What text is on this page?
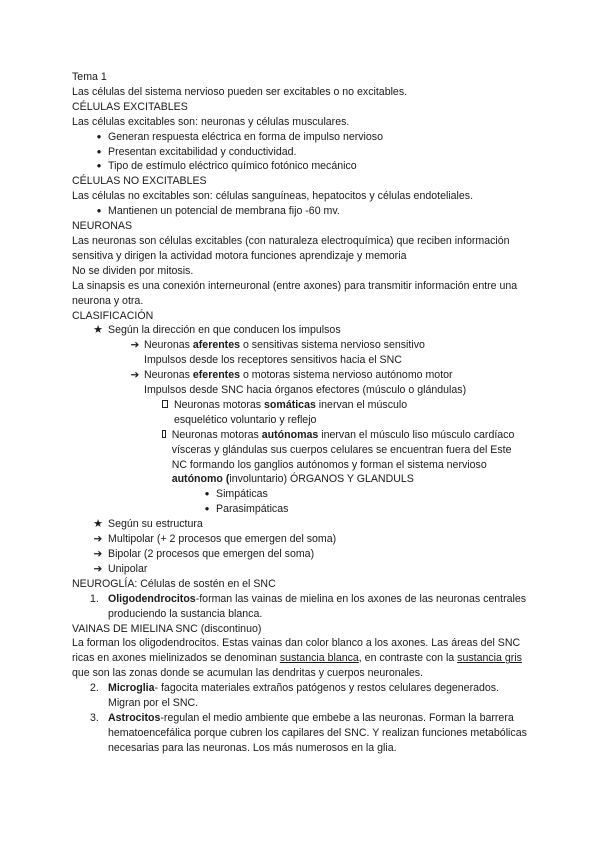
Tema 1
Las células del sistema nervioso pueden ser excitables o no excitables.
CÉLULAS EXCITABLES
Las células excitables son: neuronas y células musculares.
● Generan respuesta eléctrica en forma de impulso nervioso
● Presentan excitabilidad y conductividad.
● Tipo de estímulo eléctrico químico fotónico mecánico
CÉLULAS NO EXCITABLES
Las células no excitables son: células sanguíneas, hepatocitos y células endoteliales.
● Mantienen un potencial de membrana fijo -60 mv.
NEURONAS
Las neuronas son células excitables (con naturaleza electroquímica) que reciben información sensitiva y dirigen la actividad motora funciones aprendizaje y memoria
No se dividen por mitosis.
La sinapsis es una conexión interneuronal (entre axones) para transmitir información entre una neurona y otra.
CLASIFICACIÓN
★ Según la dirección en que conducen los impulsos
➔ Neuronas aferentes o sensitivas sistema nervioso sensitivo
Impulsos desde los receptores sensitivos hacia el SNC
➔ Neuronas eferentes o motoras sistema nervioso autónomo motor
Impulsos desde SNC hacia órganos efectores (músculo o glándulas)
Neuronas motoras somáticas inervan el músculo esquelético voluntario y reflejo
Neuronas motoras autónomas inervan el músculo liso músculo cardíaco vísceras y glándulas sus cuerpos celulares se encuentran fuera del Este NC formando los ganglios autónomos y forman el sistema nervioso autónomo (involuntario) ÓRGANOS Y GLANDULS
● Simpáticas
● Parasimpáticas
★ Según su estructura
➔ Multipolar (+ 2 procesos que emergen del soma)
➔ Bipolar (2 procesos que emergen del soma)
➔ Unipolar
NEUROGLÍA: Células de sostén en el SNC
1. Oligodendrocitos-forman las vainas de mielina en los axones de las neuronas centrales produciendo la sustancia blanca.
VAINAS DE MIELINA SNC (discontinuo)
La forman los oligodendrocitos. Estas vainas dan color blanco a los axones. Las áreas del SNC ricas en axones mielinizados se denominan sustancia blanca, en contraste con la sustancia gris que son las zonas donde se acumulan las dendritas y cuerpos neuronales.
2. Microglia- fagocita materiales extraños patógenos y restos celulares degenerados. Migran por el SNC.
3. Astrocitos-regulan el medio ambiente que embebe a las neuronas. Forman la barrera hematoencefálica porque cubren los capilares del SNC. Y realizan funciones metabólicas necesarias para las neuronas. Los más numerosos en la glia.
